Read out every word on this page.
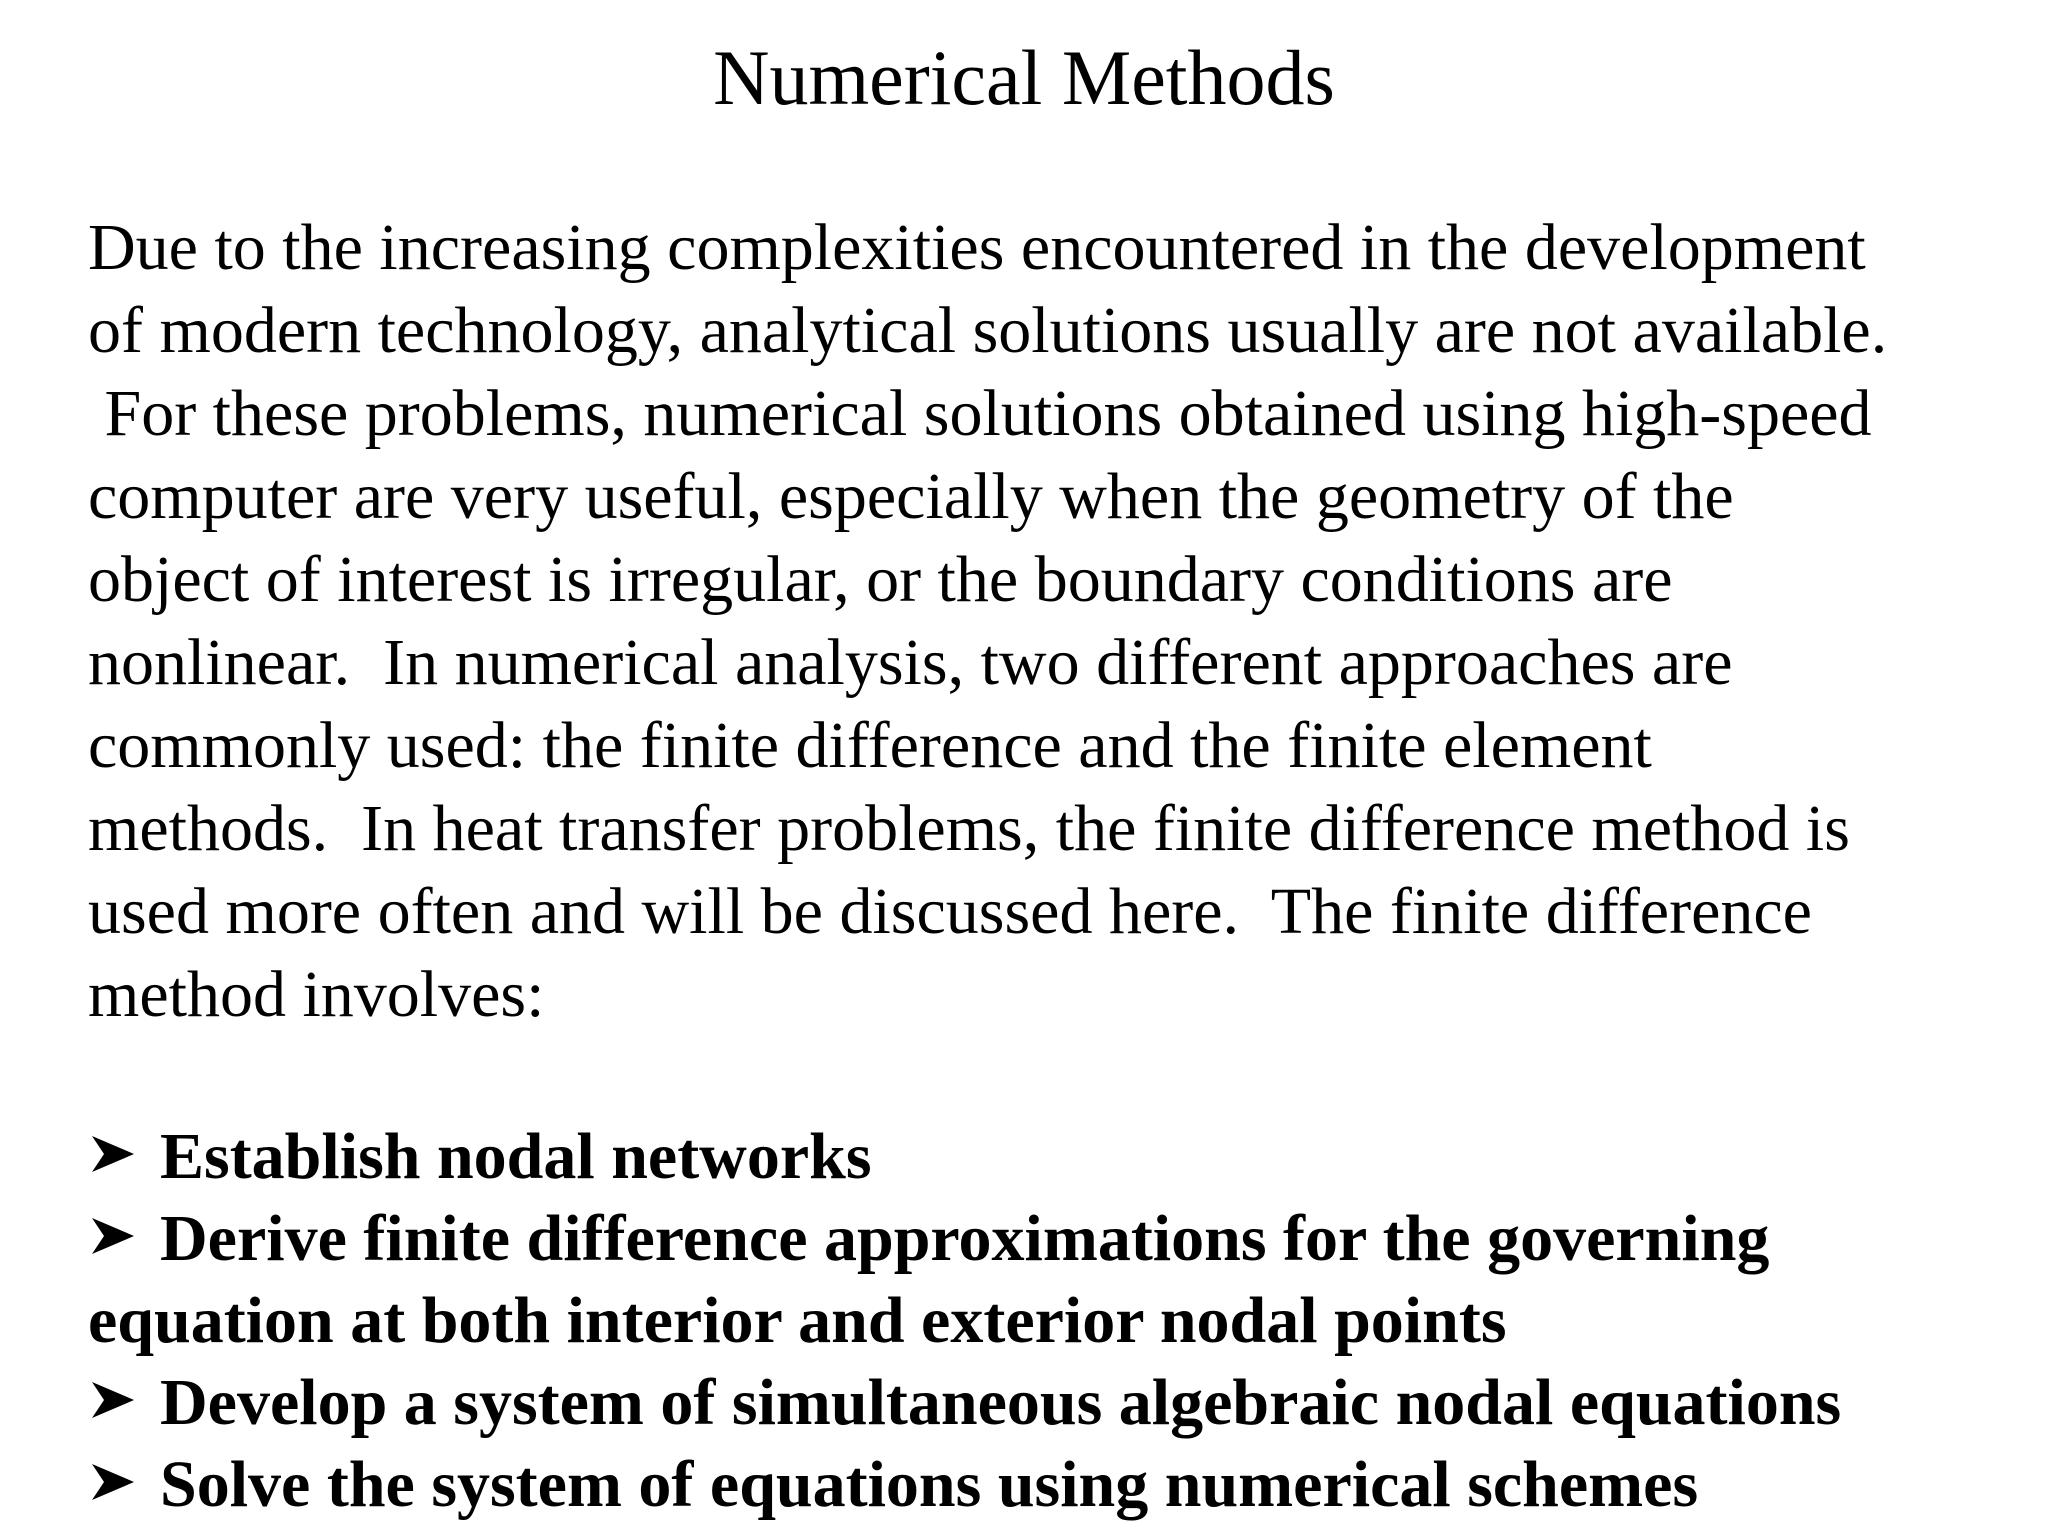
Numerical Methods

Due to the increasing complexities encountered in the development
of modern technology, analytical solutions usually are not available.
For these problems, numerical solutions obtained using high-speed
computer are very useful, especially when the geometry of the
object of interest is irregular, or the boundary conditions are
nonlinear.  In numerical analysis, two different approaches are
commonly used: the finite difference and the finite element
methods.  In heat transfer problems, the finite difference method is
used more often and will be discussed here.  The finite difference
method involves:

Establish nodal networks
Derive finite difference approximations for the governing
equation at both interior and exterior nodal points
Develop a system of simultaneous algebraic nodal equations
Solve the system of equations using numerical schemes
